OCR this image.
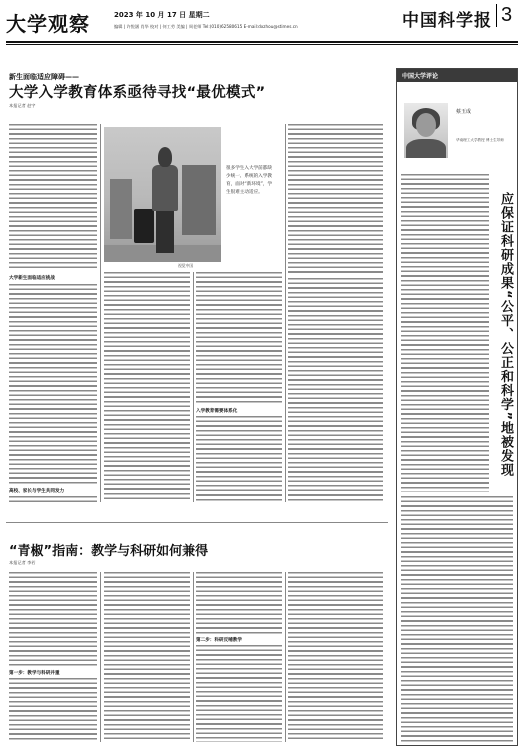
大学观察	2023 年 10 月 17 日 星期二
编辑 | 许悦涵 肖华 校对 | 何工劳 美编 | 周老师 Tel:(010)62580615 E-mail:dxzhou@stimes.cn	中国科学报 3
新生面临适应障碍——
大学入学教育体系亟待寻找“最优模式”
本报记者 赵宇
很多学生入大学前都缺少统一、系统的入学教育，面对“新环境”，学生很难主动适应。
视觉中国
大学新生面临适应挑战
高校、家长与学生共同发力
入学教育需要体系化
“青椒”指南：教学与科研如何兼得
本报记者 李若
第一步：教学与科研并重
第二步：科研反哺教学
中国大学评论
蔡玉成
华南理工大学教授 博士生导师
应保证科研成果“公平、公正和科学”地被发现
